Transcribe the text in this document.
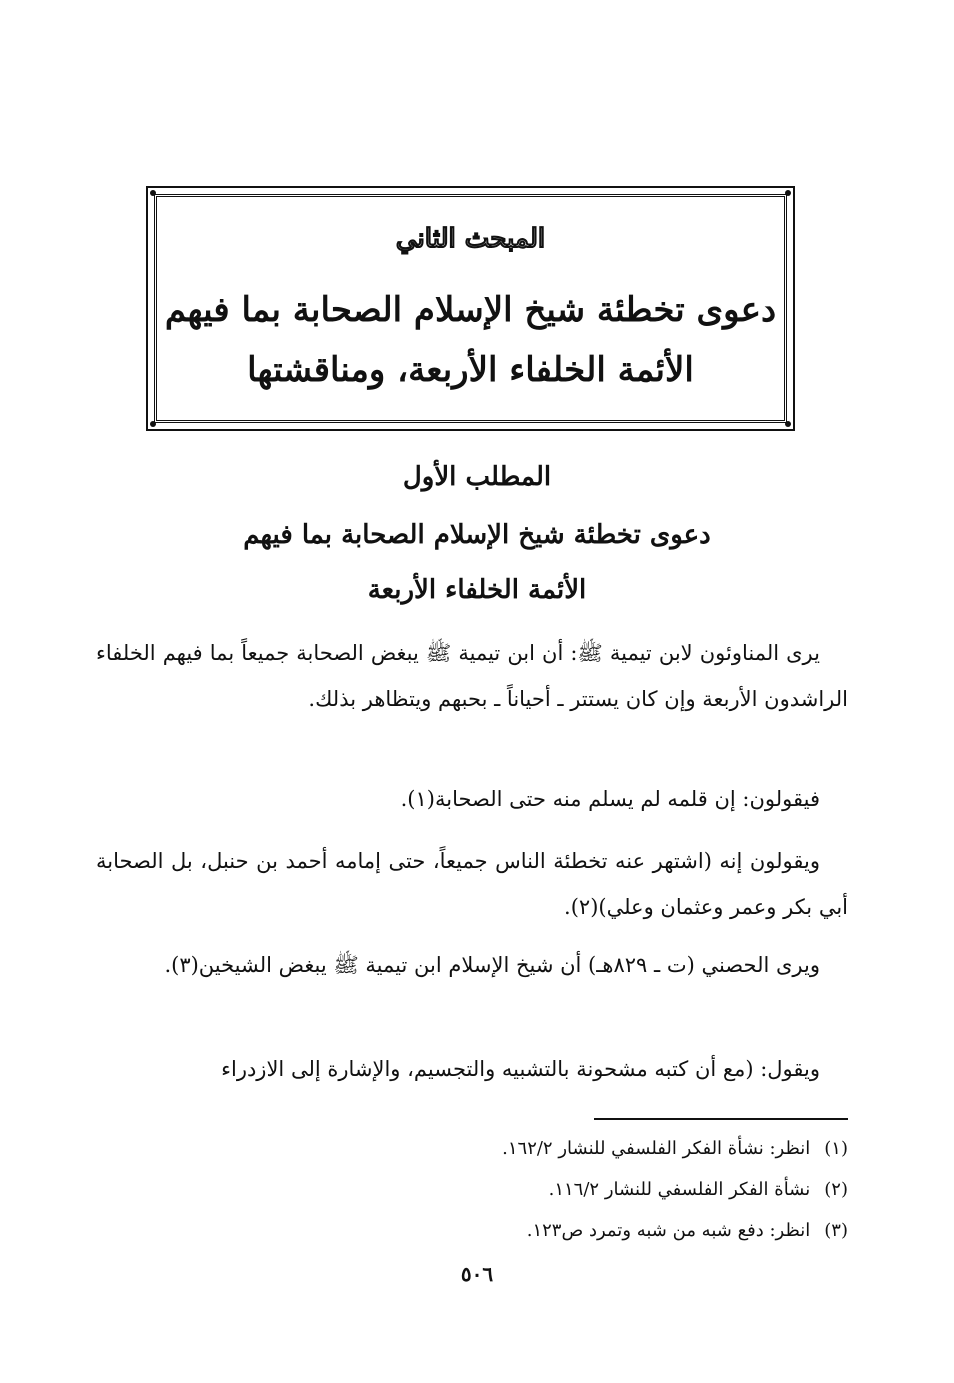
المبحث الثاني
دعوى تخطئة شيخ الإسلام الصحابة بما فيهم
الأئمة الخلفاء الأربعة، ومناقشتها
المطلب الأول
دعوى تخطئة شيخ الإسلام الصحابة بما فيهم
الأئمة الخلفاء الأربعة

يرى المناوئون لابن تيمية ﷺ: أن ابن تيمية ﷺ يبغض الصحابة جميعاً بما فيهم الخلفاء الراشدون الأربعة وإن كان يستتر ـ أحياناً ـ بحبهم ويتظاهر بذلك.

فيقولون: إن قلمه لم يسلم منه حتى الصحابة(١).

ويقولون إنه (اشتهر عنه تخطئة الناس جميعاً، حتى إمامه أحمد بن حنبل، بل الصحابة أبي بكر وعمر وعثمان وعلي)(٢).

ويرى الحصني (ت ـ ٨٢٩هـ) أن شيخ الإسلام ابن تيمية ﷺ يبغض الشيخين(٣).

ويقول: (مع أن كتبه مشحونة بالتشبيه والتجسيم، والإشارة إلى الازدراء

(١)انظر: نشأة الفكر الفلسفي للنشار ١٦٢/٢.
(٢)نشأة الفكر الفلسفي للنشار ١١٦/٢.
(٣)انظر: دفع شبه من شبه وتمرد ص١٢٣.
٥٠٦
